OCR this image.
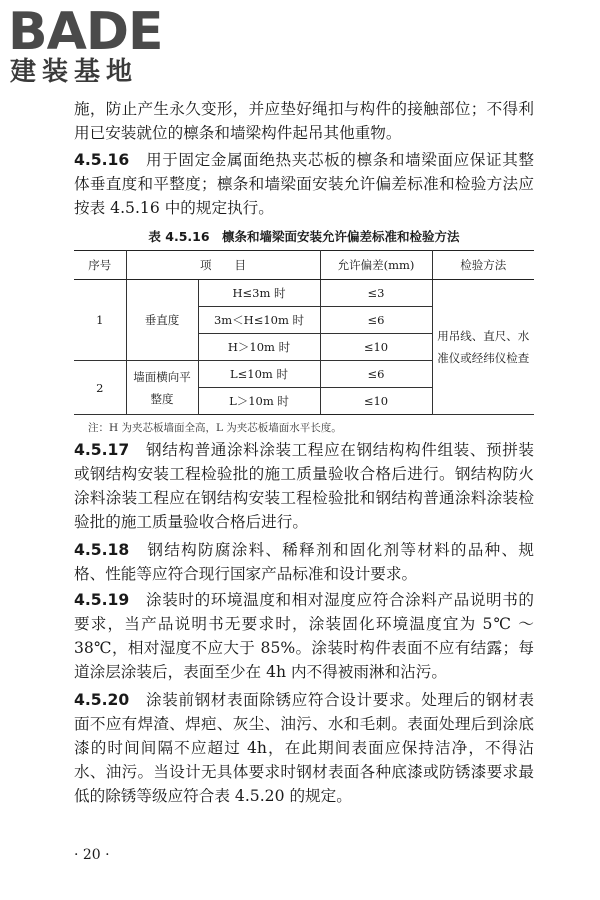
BADE
建装基地
施，防止产生永久变形，并应垫好绳扣与构件的接触部位；不得利用已安装就位的檩条和墙梁构件起吊其他重物。
4.5.16　 用于固定金属面绝热夹芯板的檩条和墙梁面应保证其整体垂直度和平整度；檩条和墙梁面安装允许偏差标准和检验方法应按表 4.5.16 中的规定执行。
表 4.5.16　檩条和墙梁面安装允许偏差标准和检验方法
序号	项　　目		允许偏差(mm)	检验方法
1	垂直度	H≤3m 时	≤3	用吊线、直尺、水准仪或经纬仪检查
		3m＜H≤10m 时	≤6	
		H＞10m 时	≤10	
2	墙面横向平整度	L≤10m 时	≤6	
		L＞10m 时	≤10	
注：H 为夹芯板墙面全高，L 为夹芯板墙面水平长度。
4.5.17　 钢结构普通涂料涂装工程应在钢结构构件组装、预拼装或钢结构安装工程检验批的施工质量验收合格后进行。钢结构防火涂料涂装工程应在钢结构安装工程检验批和钢结构普通涂料涂装检验批的施工质量验收合格后进行。
4.5.18　 钢结构防腐涂料、稀释剂和固化剂等材料的品种、规格、性能等应符合现行国家产品标准和设计要求。
4.5.19　 涂装时的环境温度和相对湿度应符合涂料产品说明书的要求，当产品说明书无要求时，涂装固化环境温度宜为 5℃ ～ 38℃，相对湿度不应大于 85%。涂装时构件表面不应有结露；每道涂层涂装后，表面至少在 4h 内不得被雨淋和沾污。
4.5.20　 涂装前钢材表面除锈应符合设计要求。处理后的钢材表面不应有焊渣、焊疤、灰尘、油污、水和毛刺。表面处理后到涂底漆的时间间隔不应超过 4h，在此期间表面应保持洁净，不得沾水、油污。当设计无具体要求时钢材表面各种底漆或防锈漆要求最低的除锈等级应符合表 4.5.20 的规定。
· 20 ·
